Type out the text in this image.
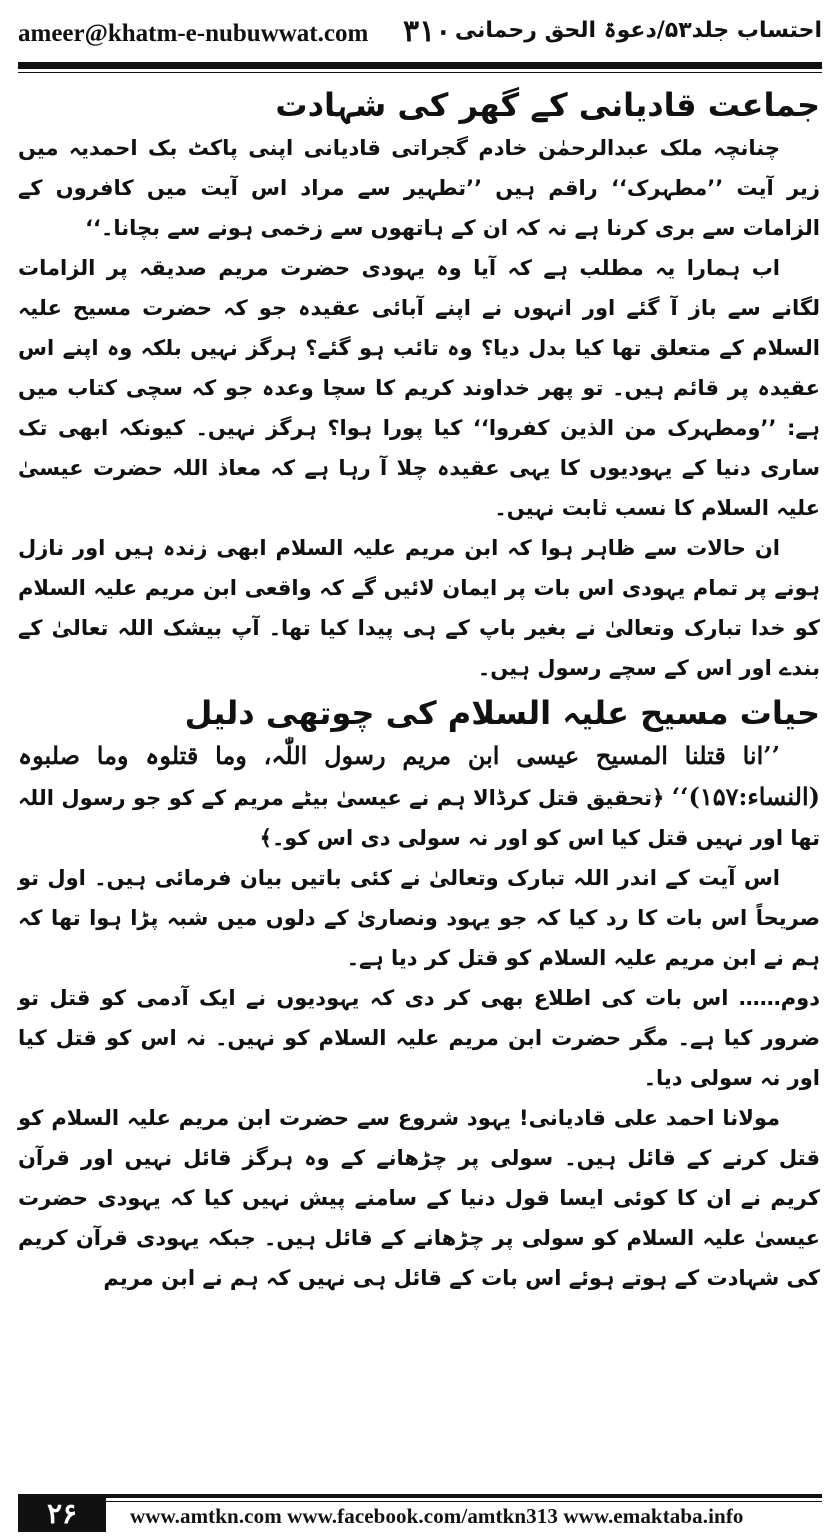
ameer@khatm-e-nubuwwat.com ۳۱۰ احتساب جلد۵۳/دعوۃ الحق رحمانی
جماعت قادیانی کے گھر کی شہادت

چنانچہ ملک عبدالرحمٰن خادم گجراتی قادیانی اپنی پاکٹ بک احمدیہ میں زیر آیت ’’مطہرک‘‘ راقم ہیں ’’تطہیر سے مراد اس آیت میں کافروں کے الزامات سے بری کرنا ہے نہ کہ ان کے ہاتھوں سے زخمی ہونے سے بچانا۔‘‘

اب ہمارا یہ مطلب ہے کہ آیا وہ یہودی حضرت مریم صدیقہ پر الزامات لگانے سے باز آ گئے اور انہوں نے اپنے آبائی عقیدہ جو کہ حضرت مسیح علیہ السلام کے متعلق تھا کیا بدل دیا؟ وہ تائب ہو گئے؟ ہرگز نہیں بلکہ وہ اپنے اس عقیدہ پر قائم ہیں۔ تو پھر خداوند کریم کا سچا وعدہ جو کہ سچی کتاب میں ہے: ’’ومطہرک من الذین کفروا‘‘ کیا پورا ہوا؟ ہرگز نہیں۔ کیونکہ ابھی تک ساری دنیا کے یہودیوں کا یہی عقیدہ چلا آ رہا ہے کہ معاذ اللہ حضرت عیسیٰ علیہ السلام کا نسب ثابت نہیں۔

ان حالات سے ظاہر ہوا کہ ابن مریم علیہ السلام ابھی زندہ ہیں اور نازل ہونے پر تمام یہودی اس بات پر ایمان لائیں گے کہ واقعی ابن مریم علیہ السلام کو خدا تبارک وتعالیٰ نے بغیر باپ کے ہی پیدا کیا تھا۔ آپ بیشک اللہ تعالیٰ کے بندے اور اس کے سچے رسول ہیں۔

حیات مسیح علیہ السلام کی چوتھی دلیل

’’انا قتلنا المسیح عیسی ابن مریم رسول اللّٰہ، وما قتلوہ وما صلبوہ (النساء:۱۵۷)‘‘ ﴿تحقیق قتل کرڈالا ہم نے عیسیٰ بیٹے مریم کے کو جو رسول اللہ تھا اور نہیں قتل کیا اس کو اور نہ سولی دی اس کو۔﴾

اس آیت کے اندر اللہ تبارک وتعالیٰ نے کئی باتیں بیان فرمائی ہیں۔ اول تو صریحاً اس بات کا رد کیا کہ جو یہود ونصاریٰ کے دلوں میں شبہ پڑا ہوا تھا کہ ہم نے ابن مریم علیہ السلام کو قتل کر دیا ہے۔

دوم…… اس بات کی اطلاع بھی کر دی کہ یہودیوں نے ایک آدمی کو قتل تو ضرور کیا ہے۔ مگر حضرت ابن مریم علیہ السلام کو نہیں۔ نہ اس کو قتل کیا اور نہ سولی دیا۔

مولانا احمد علی قادیانی! یہود شروع سے حضرت ابن مریم علیہ السلام کو قتل کرنے کے قائل ہیں۔ سولی پر چڑھانے کے وہ ہرگز قائل نہیں اور قرآن کریم نے ان کا کوئی ایسا قول دنیا کے سامنے پیش نہیں کیا کہ یہودی حضرت عیسیٰ علیہ السلام کو سولی پر چڑھانے کے قائل ہیں۔ جبکہ یہودی قرآن کریم کی شہادت کے ہوتے ہوئے اس بات کے قائل ہی نہیں کہ ہم نے ابن مریم

۲۶	www.amtkn.com www.facebook.com/amtkn313 www.emaktaba.info
